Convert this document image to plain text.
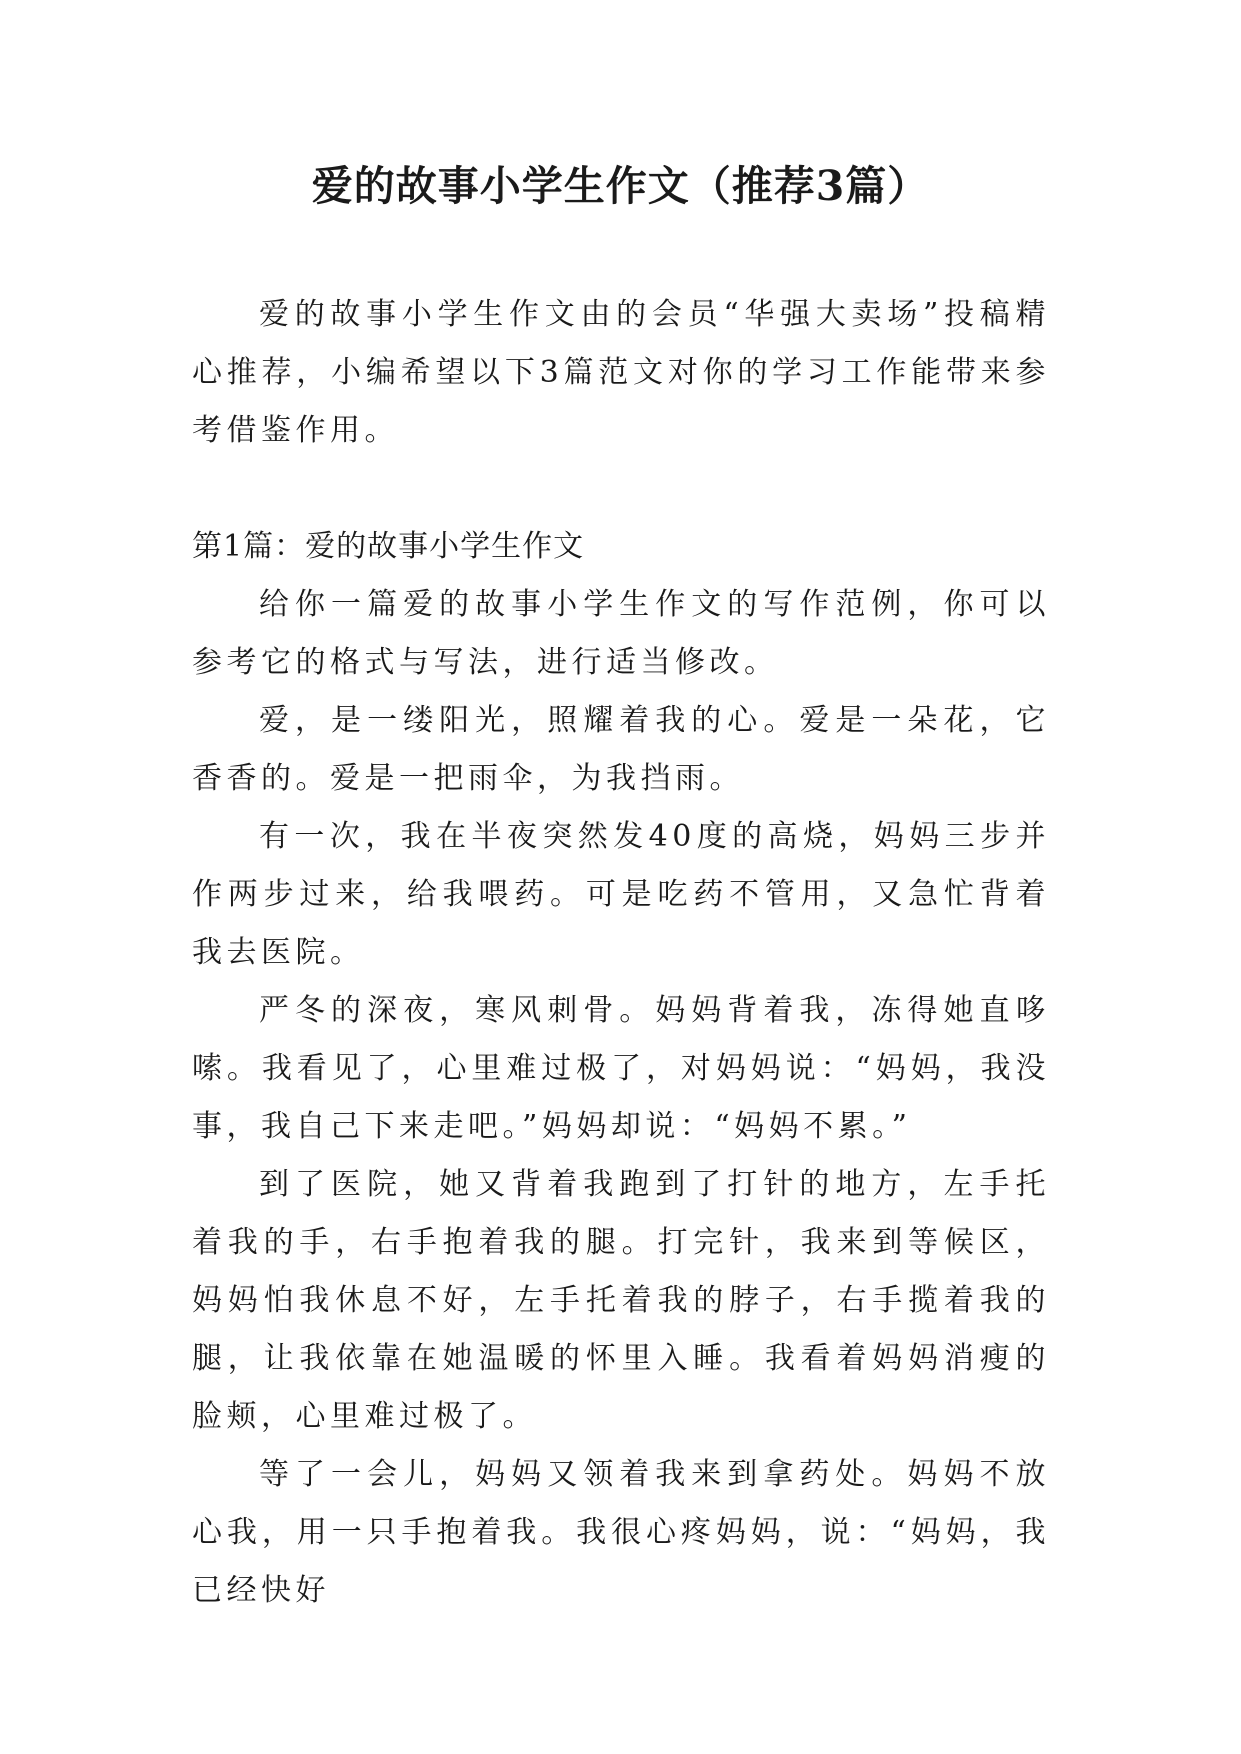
爱的故事小学生作文（推荐3篇）

爱的故事小学生作文由的会员“华强大卖场”投稿精心推荐，小编希望以下3篇范文对你的学习工作能带来参考借鉴作用。

第1篇：爱的故事小学生作文

给你一篇爱的故事小学生作文的写作范例，你可以参考它的格式与写法，进行适当修改。

爱，是一缕阳光，照耀着我的心。爱是一朵花，它香香的。爱是一把雨伞，为我挡雨。

有一次，我在半夜突然发40度的高烧，妈妈三步并作两步过来，给我喂药。可是吃药不管用，又急忙背着我去医院。

严冬的深夜，寒风刺骨。妈妈背着我，冻得她直哆嗦。我看见了，心里难过极了，对妈妈说：“妈妈，我没事，我自己下来走吧。”妈妈却说：“妈妈不累。”

到了医院，她又背着我跑到了打针的地方，左手托着我的手，右手抱着我的腿。打完针，我来到等候区，妈妈怕我休息不好，左手托着我的脖子，右手揽着我的腿，让我依靠在她温暖的怀里入睡。我看着妈妈消瘦的脸颊，心里难过极了。

等了一会儿，妈妈又领着我来到拿药处。妈妈不放心我，用一只手抱着我。我很心疼妈妈，说：“妈妈，我已经快好
